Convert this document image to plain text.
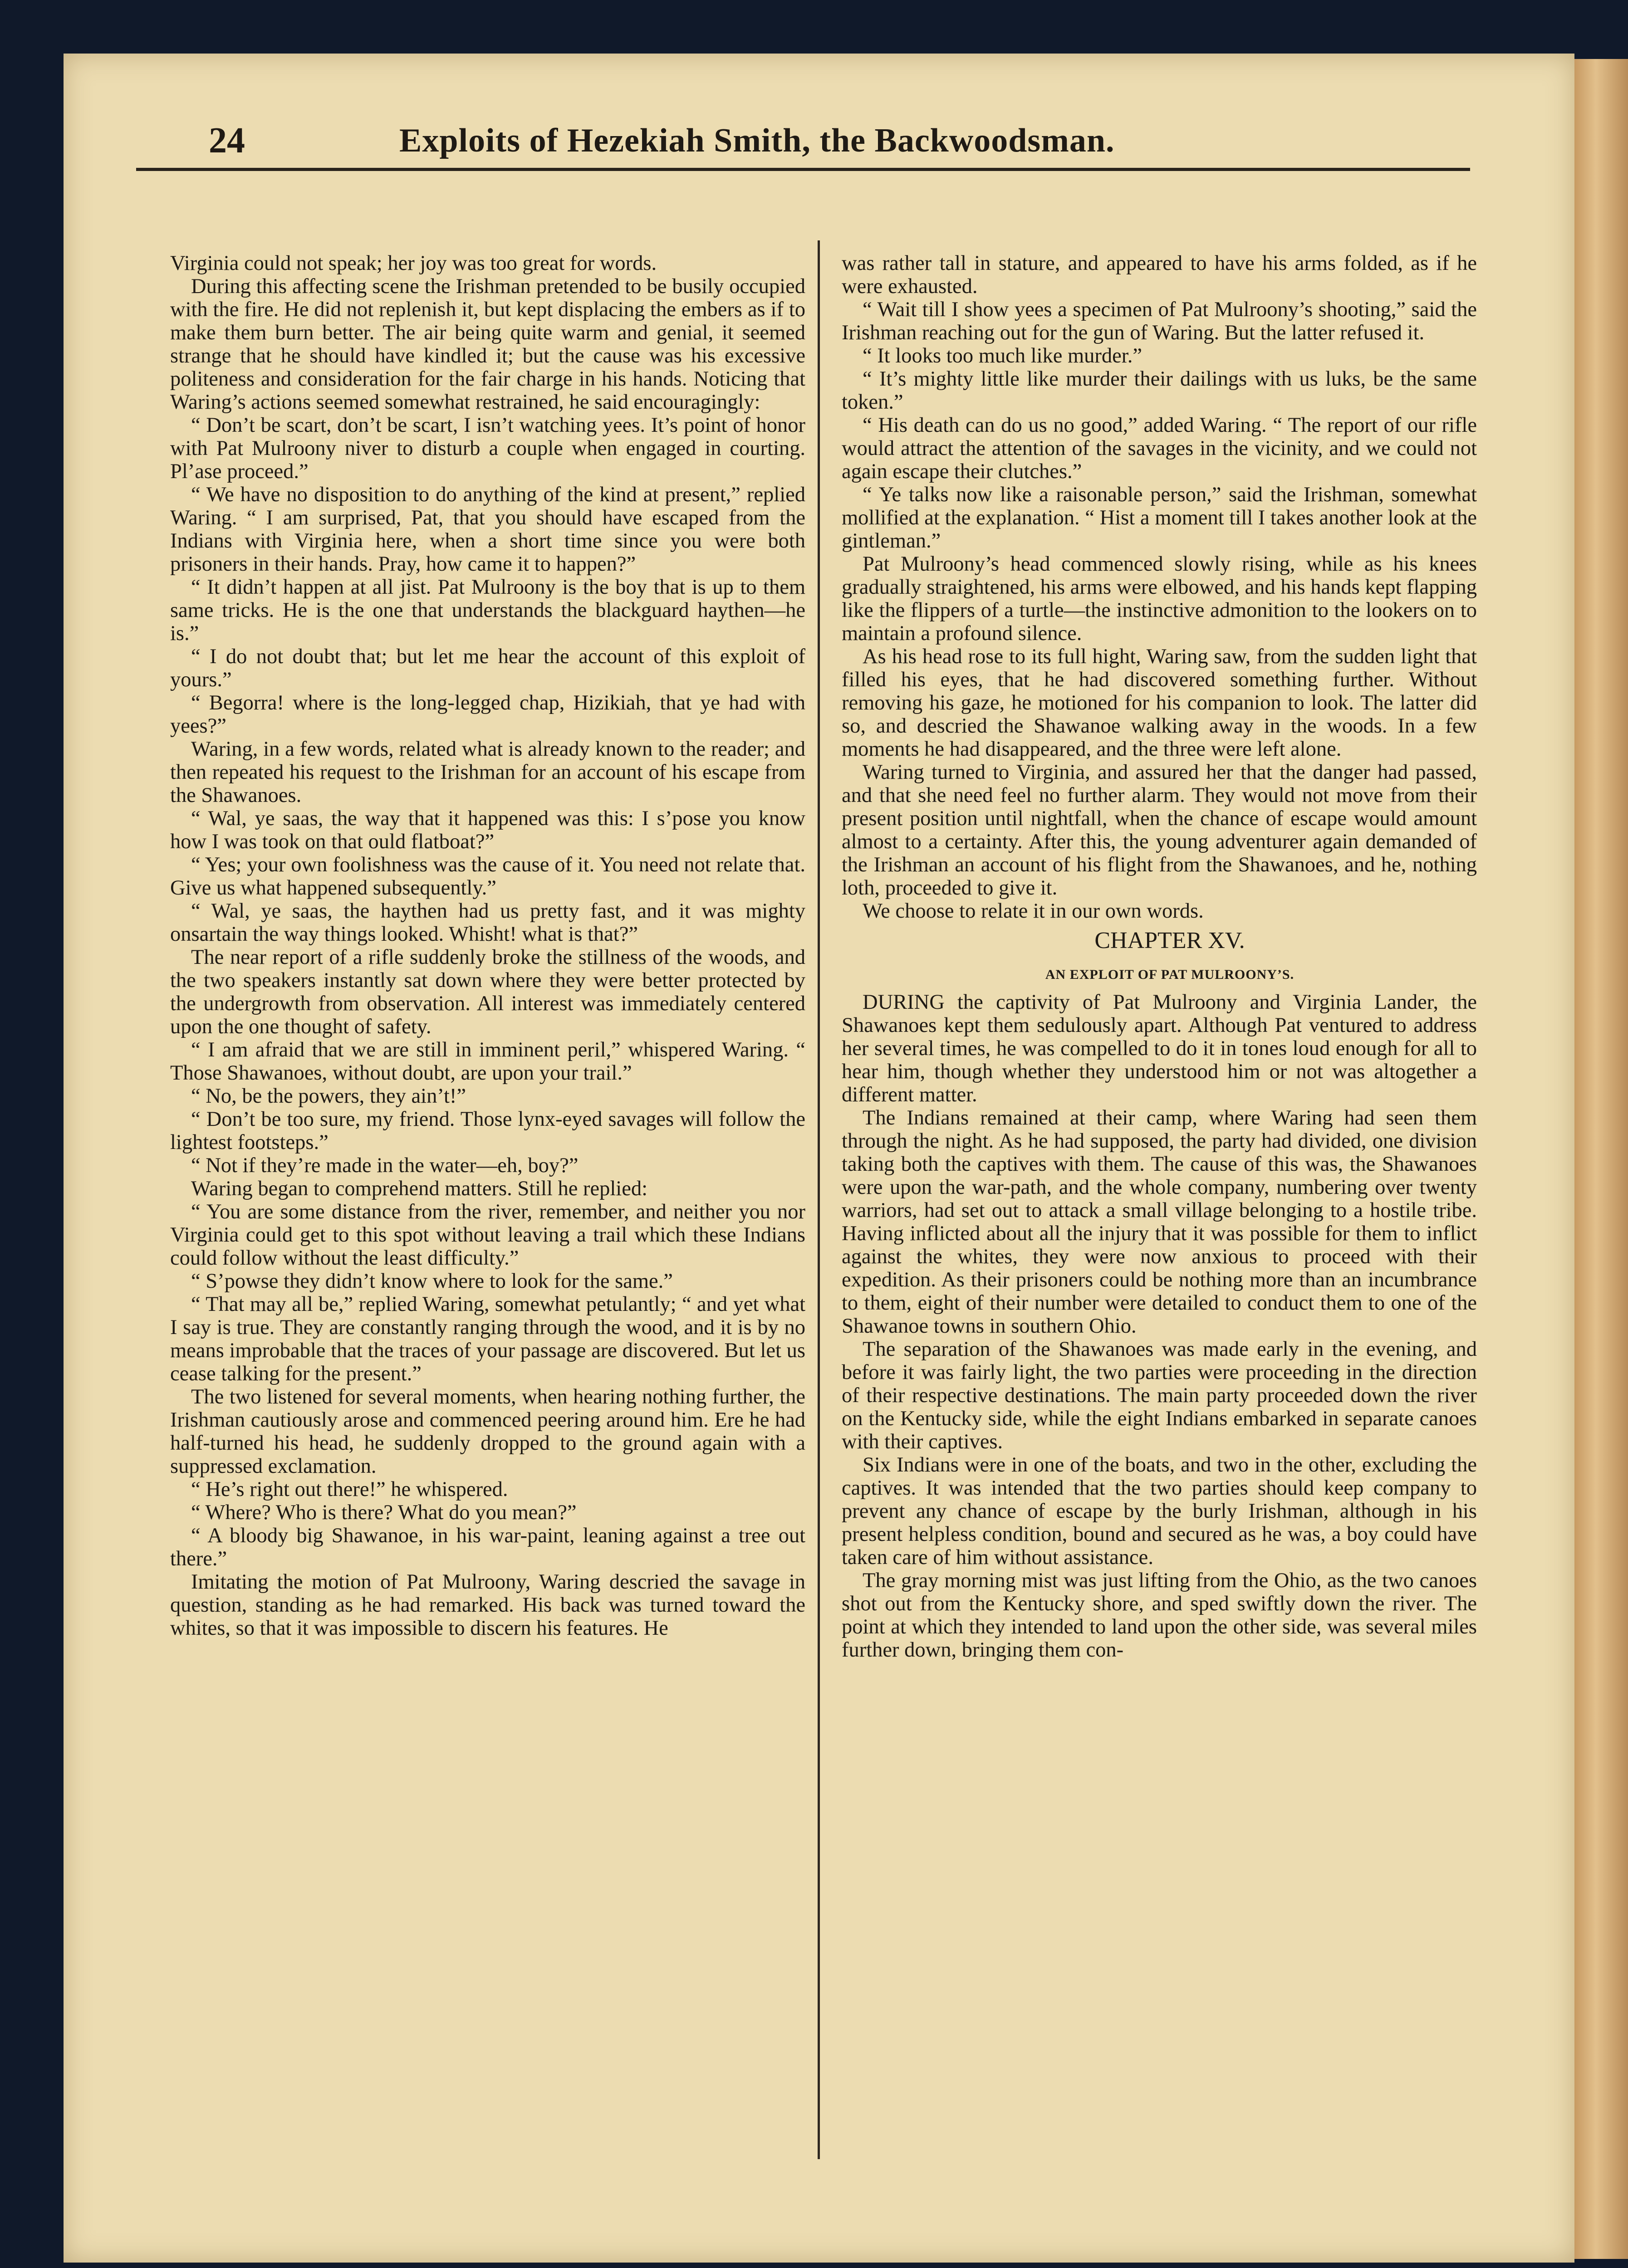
24	Exploits of Hezekiah Smith, the Backwoodsman.

Virginia could not speak; her joy was too great for words.

During this affecting scene the Irishman pretended to be busily occupied with the fire. He did not replenish it, but kept displacing the embers as if to make them burn better. The air being quite warm and genial, it seemed strange that he should have kindled it; but the cause was his excessive politeness and consideration for the fair charge in his hands. Noticing that Waring’s actions seemed somewhat restrained, he said encouragingly:

“ Don’t be scart, don’t be scart, I isn’t watching yees. It’s point of honor with Pat Mulroony niver to disturb a couple when engaged in courting. Pl’ase proceed.”

“ We have no disposition to do anything of the kind at present,” replied Waring. “ I am surprised, Pat, that you should have escaped from the Indians with Virginia here, when a short time since you were both prisoners in their hands. Pray, how came it to happen?”

“ It didn’t happen at all jist. Pat Mulroony is the boy that is up to them same tricks. He is the one that understands the blackguard haythen—he is.”

“ I do not doubt that; but let me hear the account of this exploit of yours.”

“ Begorra! where is the long-legged chap, Hizikiah, that ye had with yees?”

Waring, in a few words, related what is already known to the reader; and then repeated his request to the Irishman for an account of his escape from the Shawanoes.

“ Wal, ye saas, the way that it happened was this: I s’pose you know how I was took on that ould flatboat?”

“ Yes; your own foolishness was the cause of it. You need not relate that. Give us what happened subsequently.”

“ Wal, ye saas, the haythen had us pretty fast, and it was mighty onsartain the way things looked. Whisht! what is that?”

The near report of a rifle suddenly broke the stillness of the woods, and the two speakers instantly sat down where they were better protected by the undergrowth from observation. All interest was immediately centered upon the one thought of safety.

“ I am afraid that we are still in imminent peril,” whispered Waring. “ Those Shawanoes, without doubt, are upon your trail.”

“ No, be the powers, they ain’t!”

“ Don’t be too sure, my friend. Those lynx-eyed savages will follow the lightest footsteps.”

“ Not if they’re made in the water—eh, boy?”

Waring began to comprehend matters. Still he replied:

“ You are some distance from the river, remember, and neither you nor Virginia could get to this spot without leaving a trail which these Indians could follow without the least difficulty.”

“ S’powse they didn’t know where to look for the same.”

“ That may all be,” replied Waring, somewhat petulantly; “ and yet what I say is true. They are constantly ranging through the wood, and it is by no means improbable that the traces of your passage are discovered. But let us cease talking for the present.”

The two listened for several moments, when hearing nothing further, the Irishman cautiously arose and commenced peering around him. Ere he had half-turned his head, he suddenly dropped to the ground again with a suppressed exclamation.

“ He’s right out there!” he whispered.

“ Where? Who is there? What do you mean?”

“ A bloody big Shawanoe, in his war-paint, leaning against a tree out there.”

Imitating the motion of Pat Mulroony, Waring descried the savage in question, standing as he had remarked. His back was turned toward the whites, so that it was impossible to discern his features. He

was rather tall in stature, and appeared to have his arms folded, as if he were exhausted.

“ Wait till I show yees a specimen of Pat Mulroony’s shooting,” said the Irishman reaching out for the gun of Waring. But the latter refused it.

“ It looks too much like murder.”

“ It’s mighty little like murder their dailings with us luks, be the same token.”

“ His death can do us no good,” added Waring. “ The report of our rifle would attract the attention of the savages in the vicinity, and we could not again escape their clutches.”

“ Ye talks now like a raisonable person,” said the Irishman, somewhat mollified at the explanation. “ Hist a moment till I takes another look at the gintleman.”

Pat Mulroony’s head commenced slowly rising, while as his knees gradually straightened, his arms were elbowed, and his hands kept flapping like the flippers of a turtle—the instinctive admonition to the lookers on to maintain a profound silence.

As his head rose to its full hight, Waring saw, from the sudden light that filled his eyes, that he had discovered something further. Without removing his gaze, he motioned for his companion to look. The latter did so, and descried the Shawanoe walking away in the woods. In a few moments he had disappeared, and the three were left alone.

Waring turned to Virginia, and assured her that the danger had passed, and that she need feel no further alarm. They would not move from their present position until nightfall, when the chance of escape would amount almost to a certainty. After this, the young adventurer again demanded of the Irishman an account of his flight from the Shawanoes, and he, nothing loth, proceeded to give it.

We choose to relate it in our own words.

CHAPTER XV.

AN EXPLOIT OF PAT MULROONY’S.

DURING the captivity of Pat Mulroony and Virginia Lander, the Shawanoes kept them sedulously apart. Although Pat ventured to address her several times, he was compelled to do it in tones loud enough for all to hear him, though whether they understood him or not was altogether a different matter.

The Indians remained at their camp, where Waring had seen them through the night. As he had supposed, the party had divided, one division taking both the captives with them. The cause of this was, the Shawanoes were upon the war-path, and the whole company, numbering over twenty warriors, had set out to attack a small village belonging to a hostile tribe. Having inflicted about all the injury that it was possible for them to inflict against the whites, they were now anxious to proceed with their expedition. As their prisoners could be nothing more than an incumbrance to them, eight of their number were detailed to conduct them to one of the Shawanoe towns in southern Ohio.

The separation of the Shawanoes was made early in the evening, and before it was fairly light, the two parties were proceeding in the direction of their respective destinations. The main party proceeded down the river on the Kentucky side, while the eight Indians embarked in separate canoes with their captives.

Six Indians were in one of the boats, and two in the other, excluding the captives. It was intended that the two parties should keep company to prevent any chance of escape by the burly Irishman, although in his present helpless condition, bound and secured as he was, a boy could have taken care of him without assistance.

The gray morning mist was just lifting from the Ohio, as the two canoes shot out from the Kentucky shore, and sped swiftly down the river. The point at which they intended to land upon the other side, was several miles further down, bringing them con-
